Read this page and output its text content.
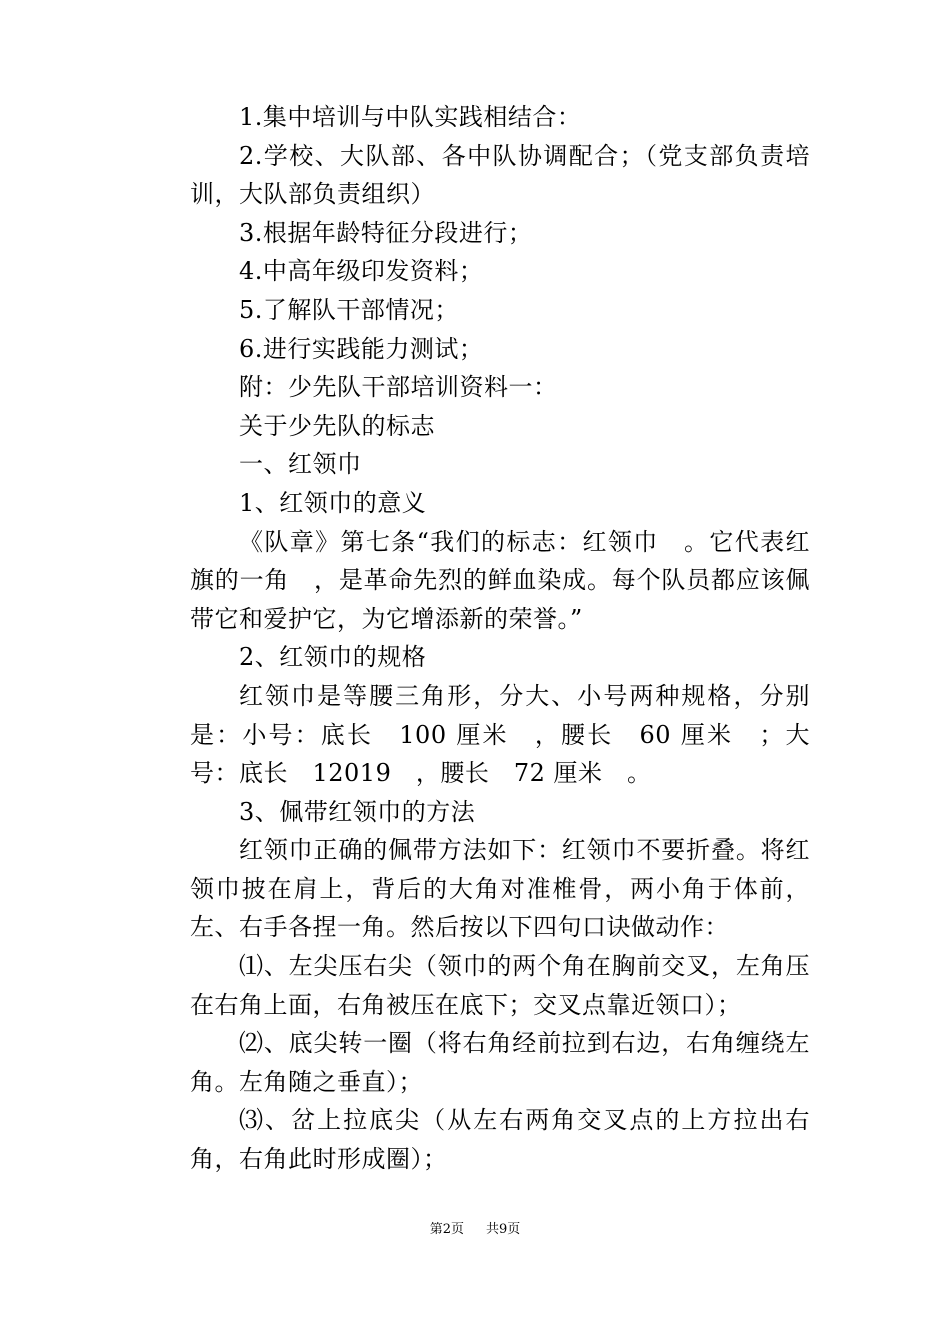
1.集中培训与中队实践相结合：

2.学校、大队部、各中队协调配合；（党支部负责培训，大队部负责组织）

3.根据年龄特征分段进行；

4.中高年级印发资料；

5.了解队干部情况；

6.进行实践能力测试；

附：少先队干部培训资料一：

关于少先队的标志

一、红领巾

1、红领巾的意义

《队章》第七条“我们的标志：红领巾　。它代表红旗的一角　，是革命先烈的鲜血染成。每个队员都应该佩带它和爱护它，为它增添新的荣誉。”

2、红领巾的规格

红领巾是等腰三角形，分大、小号两种规格，分别是：小号：底长　100 厘米　，腰长　60 厘米　；大号：底长　12019　，腰长　72 厘米　。

3、佩带红领巾的方法

红领巾正确的佩带方法如下：红领巾不要折叠。将红领巾披在肩上，背后的大角对准椎骨，两小角于体前，左、右手各捏一角。然后按以下四句口诀做动作：

⑴、左尖压右尖（领巾的两个角在胸前交叉，左角压在右角上面，右角被压在底下；交叉点靠近领口）；

⑵、底尖转一圈（将右角经前拉到右边，右角缠绕左角。左角随之垂直）；

⑶、岔上拉底尖（从左右两角交叉点的上方拉出右角，右角此时形成圈）；

第2页 共9页
